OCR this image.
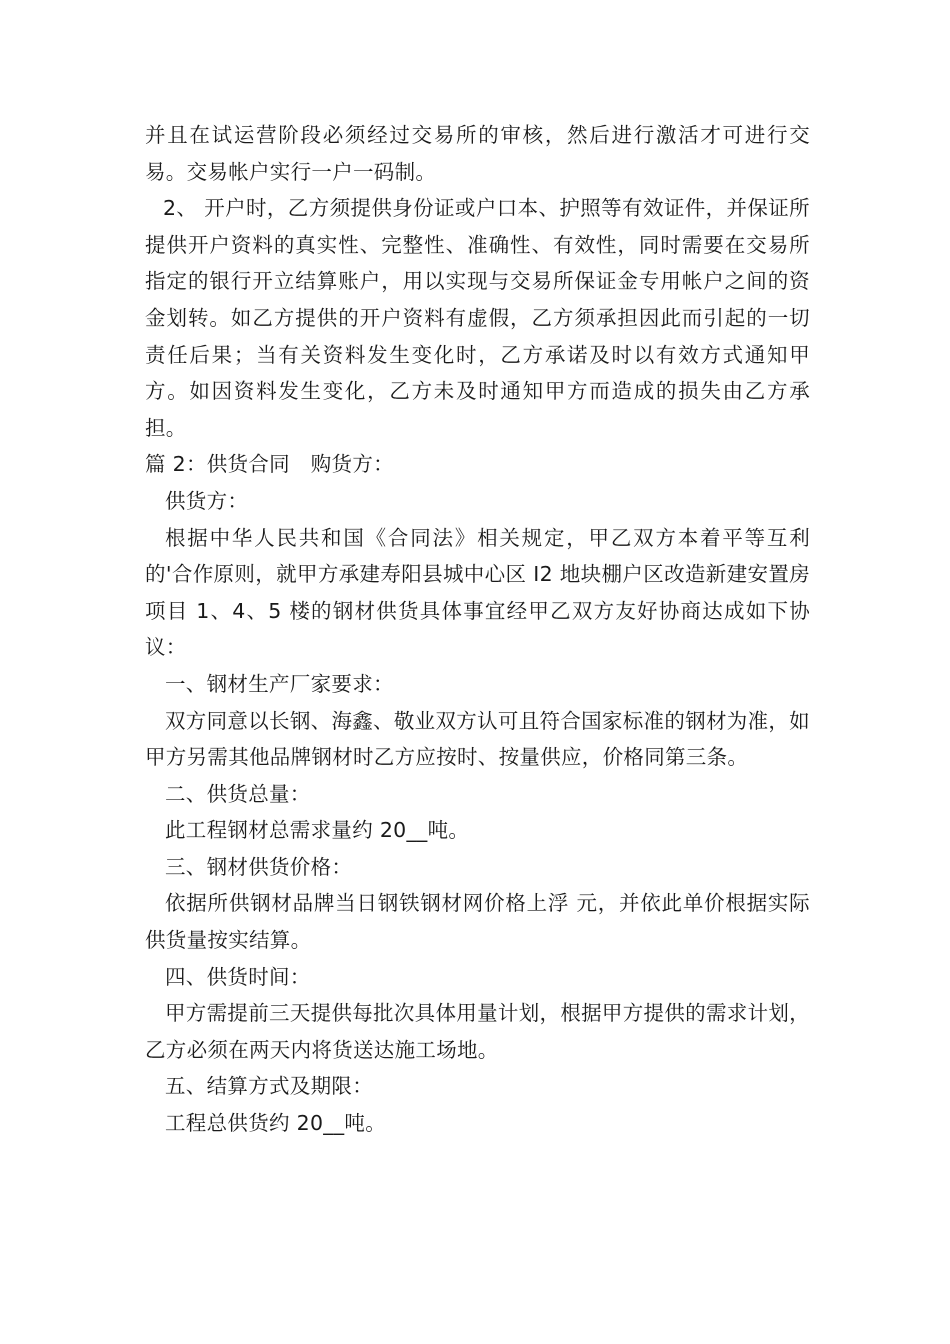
并且在试运营阶段必须经过交易所的审核，然后进行激活才可进行交易。交易帐户实行一户一码制。

2、 开户时，乙方须提供身份证或户口本、护照等有效证件，并保证所提供开户资料的真实性、完整性、准确性、有效性，同时需要在交易所指定的银行开立结算账户，用以实现与交易所保证金专用帐户之间的资金划转。如乙方提供的开户资料有虚假，乙方须承担因此而引起的一切责任后果；当有关资料发生变化时，乙方承诺及时以有效方式通知甲方。如因资料发生变化，乙方未及时通知甲方而造成的损失由乙方承担。

篇 2：供货合同　购货方：

供货方：

根据中华人民共和国《合同法》相关规定，甲乙双方本着平等互利的'合作原则，就甲方承建寿阳县城中心区 I2 地块棚户区改造新建安置房项目 1、4、5 楼的钢材供货具体事宜经甲乙双方友好协商达成如下协议：

一、钢材生产厂家要求：

双方同意以长钢、海鑫、敬业双方认可且符合国家标准的钢材为准，如甲方另需其他品牌钢材时乙方应按时、按量供应，价格同第三条。

二、供货总量：

此工程钢材总需求量约 20__吨。

三、钢材供货价格：

依据所供钢材品牌当日钢铁钢材网价格上浮 元，并依此单价根据实际供货量按实结算。

四、供货时间：

甲方需提前三天提供每批次具体用量计划，根据甲方提供的需求计划，乙方必须在两天内将货送达施工场地。

五、结算方式及期限：

工程总供货约 20__吨。
